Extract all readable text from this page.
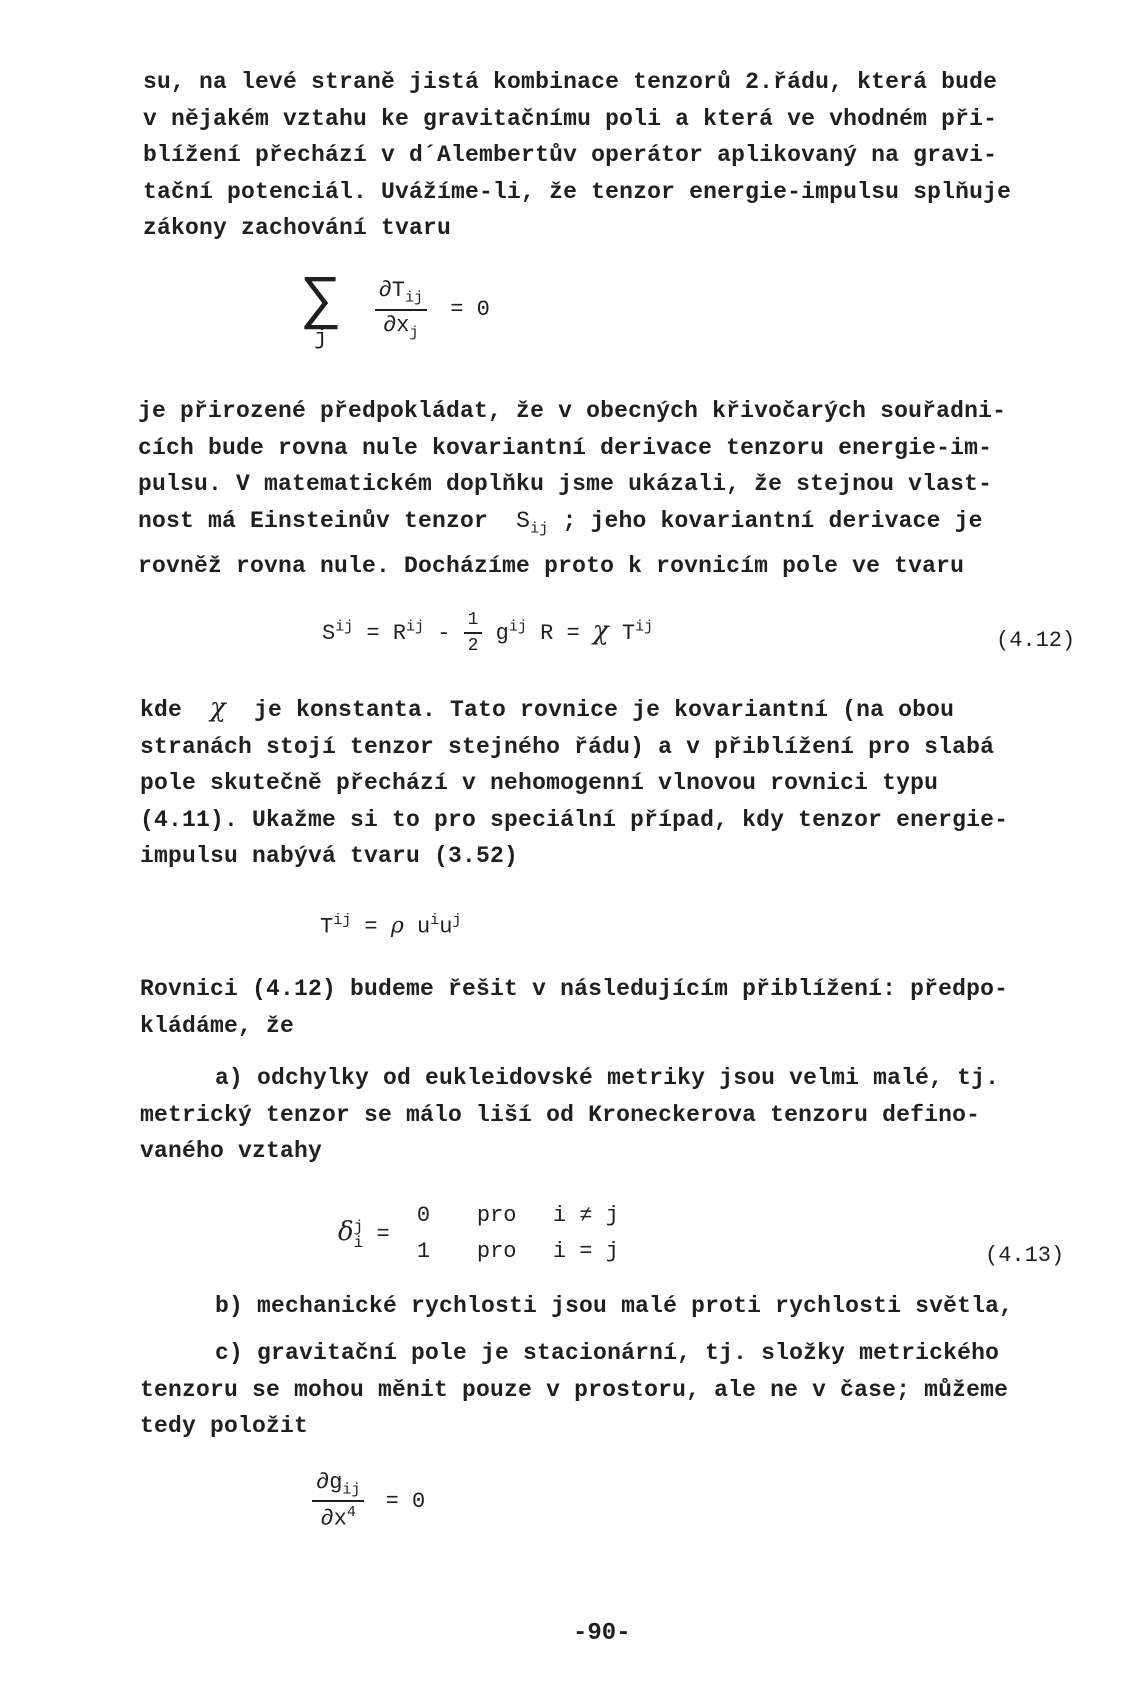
su, na levé straně jistá kombinace tenzorů 2.řádu, která bude
v nějakém vztahu ke gravitačnímu poli a která ve vhodném při-
blížení přechází v d´Alembertův operátor aplikovaný na gravi-
tační potenciál. Uvážíme-li, že tenzor energie-impulsu splňuje
zákony zachování tvaru
∑
j $\frac{\partial T_{ij}}{\partial x_j} = 0$
je přirozené předpokládat, že v obecných křivočarých souřadni-
cích bude rovna nule kovariantní derivace tenzoru energie-im-
pulsu. V matematickém doplňku jsme ukázali, že stejnou vlast-
nost má Einsteinův tenzor $S_{ij}$ ; jeho kovariantní derivace je
rovněž rovna nule. Docházíme proto k rovnicím pole ve tvaru
$S^{ij} = R^{ij} - \frac{1}{2} g^{ij}$ R = χ $T^{ij}$
(4.12)
kde χ je konstanta. Tato rovnice je kovariantní (na obou
stranách stojí tenzor stejného řádu) a v přiblížení pro slabá
pole skutečně přechází v nehomogenní vlnovou rovnici typu
(4.11). Ukažme si to pro speciální případ, kdy tenzor energie-
impulsu nabývá tvaru (3.52)
$T^{ij} = \rho$ $u^iu^j$
Rovnici (4.12) budeme řešit v následujícím přiblížení: předpo-
kládáme, že
a) odchylky od eukleidovské metriky jsou velmi malé, tj.
metrický tenzor se málo liší od Kroneckerova tenzoru defino-
vaného vztahy
δ j
i =
0 pro i ≠ j
1 pro i = j	(4.13)
b) mechanické rychlosti jsou malé proti rychlosti světla,
c) gravitační pole je stacionární, tj. složky metrického
tenzoru se mohou měnit pouze v prostoru, ale ne v čase; můžeme
tedy položit
$\frac{\partial g_{ij}}{\partial x^4} = 0$
-90-
